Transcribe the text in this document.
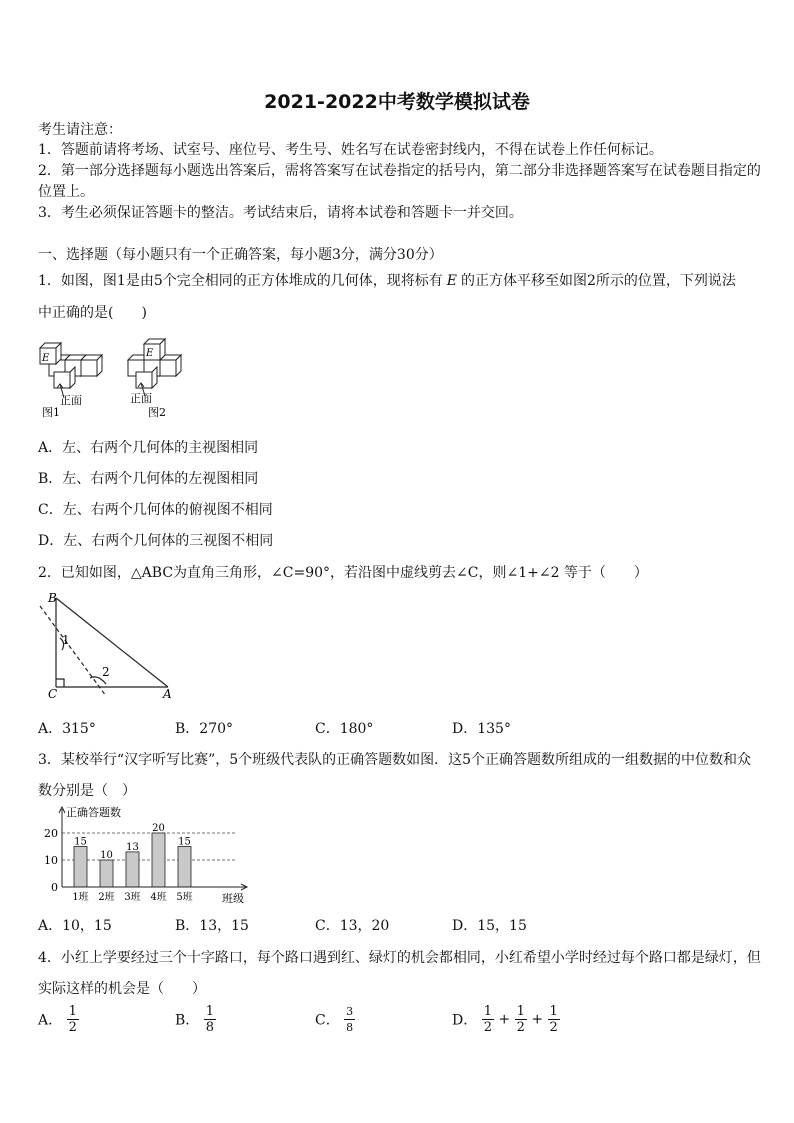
2021-2022中考数学模拟试卷
考生请注意：
1．答题前请将考场、试室号、座位号、考生号、姓名写在试卷密封线内，不得在试卷上作任何标记。
2．第一部分选择题每小题选出答案后，需将答案写在试卷指定的括号内，第二部分非选择题答案写在试卷题目指定的
位置上。
3．考生必须保证答题卡的整洁。考试结束后，请将本试卷和答题卡一并交回。
一、选择题（每小题只有一个正确答案，每小题3分，满分30分）
1．如图，图1是由5个完全相同的正方体堆成的几何体，现将标有 E 的正方体平移至如图2所示的位置，下列说法
中正确的是(　　)
E	E
正面	正面
图1	图2
A．左、右两个几何体的主视图相同
B．左、右两个几何体的左视图相同
C．左、右两个几何体的俯视图不相同
D．左、右两个几何体的三视图不相同
2．已知如图，△ABC为直角三角形，∠C=90°，若沿图中虚线剪去∠C，则∠1+∠2 等于（　　）
B
C	A
1
2
A．315°	B．270°	C．180°	D．135°
3．某校举行“汉字听写比赛”，5个班级代表队的正确答题数如图．这5个正确答题数所组成的一组数据的中位数和众
数分别是（　）
0
10
20
15
1班
10
2班
13
3班
20
4班
15
5班
正确答题数
班级
A．10，15	B．13，15	C．13，20	D．15，15
4．小红上学要经过三个十字路口，每个路口遇到红、绿灯的机会都相同，小红希望小学时经过每个路口都是绿灯，但
实际这样的机会是（　　）
A． $\frac{1}{2}$	B． $\frac{1}{8}$	C． $\frac{3}{8}$	D． $\frac{1}{2} + \frac{1}{2} + \frac{1}{2}$
